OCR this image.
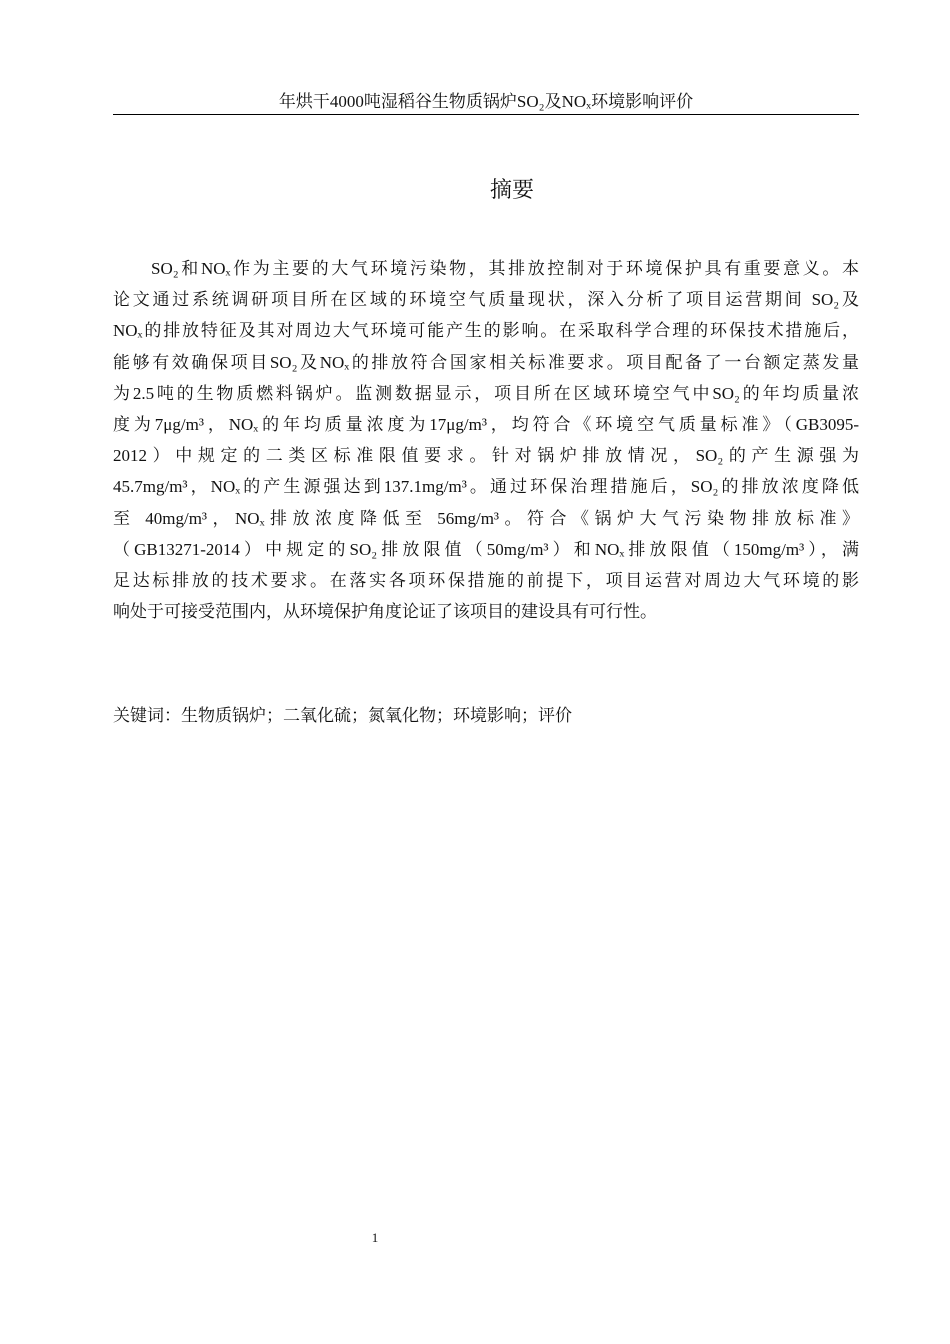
年烘干4000吨湿稻谷生物质锅炉SO₂及NOₓ环境影响评价
摘要
SO₂和NOₓ作为主要的大气环境污染物，其排放控制对于环境保护具有重要意义。本
论文通过系统调研项目所在区域的环境空气质量现状，深入分析了项目运营期间 SO₂及
NOₓ的排放特征及其对周边大气环境可能产生的影响。在采取科学合理的环保技术措施后，
能够有效确保项目SO₂及NOₓ的排放符合国家相关标准要求。项目配备了一台额定蒸发量
为2.5吨的生物质燃料锅炉。监测数据显示，项目所在区域环境空气中SO₂的年均质量浓
度为7μg/m³，NOₓ的年均质量浓度为17μg/m³，均符合《环境空气质量标准》（GB3095-
2012）中规定的二类区标准限值要求。针对锅炉排放情况，SO₂的产生源强为
45.7mg/m³，NOₓ的产生源强达到137.1mg/m³。通过环保治理措施后，SO₂的排放浓度降低
至 40mg/m³，NOₓ排放浓度降低至 56mg/m³。符合《锅炉大气污染物排放标准》
（GB13271-2014）中规定的SO₂排放限值（50mg/m³）和NOₓ排放限值（150mg/m³），满
足达标排放的技术要求。在落实各项环保措施的前提下，项目运营对周边大气环境的影
响处于可接受范围内，从环境保护角度论证了该项目的建设具有可行性。
关键词：生物质锅炉；二氧化硫；氮氧化物；环境影响；评价
1
